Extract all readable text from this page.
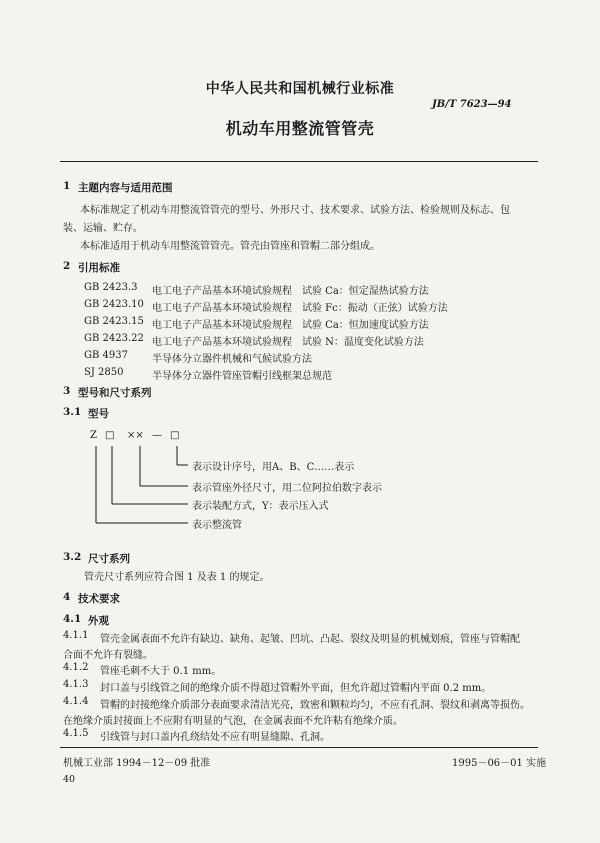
中华人民共和国机械行业标准
JB/T 7623—94
机动车用整流管管壳
1 主题内容与适用范围
本标准规定了机动车用整流管管壳的型号、外形尺寸、技术要求、试验方法、检验规则及标志、包
装、运输、贮存。
本标准适用于机动车用整流管管壳。管壳由管座和管帽二部分组成。
2 引用标准
GB 2423.3 电工电子产品基本环境试验规程　试验 Ca：恒定湿热试验方法
GB 2423.10 电工电子产品基本环境试验规程　试验 Fc：振动（正弦）试验方法
GB 2423.15 电工电子产品基本环境试验规程　试验 Ca：恒加速度试验方法
GB 2423.22 电工电子产品基本环境试验规程　试验 N：温度变化试验方法
GB 4937 半导体分立器件机械和气候试验方法
SJ 2850	半导体分立器件管座管帽引线框架总规范
3 型号和尺寸系列
3.1 型号
Z □ ×× — □
表示设计序号，用A、B、C……表示
表示管座外径尺寸，用二位阿拉伯数字表示
表示装配方式，Y：表示压入式
表示整流管
3.2 尺寸系列
管壳尺寸系列应符合图 1 及表 1 的规定。
4 技术要求
4.1 外观
4.1.1 管壳金属表面不允许有缺边、缺角、起皱、凹坑、凸起、裂纹及明显的机械划痕，管座与管帽配
合面不允许有裂缝。
4.1.2 管座毛刺不大于 0.1 mm。
4.1.3 封口盖与引线管之间的绝缘介质不得超过管帽外平面，但允许超过管帽内平面 0.2 mm。
4.1.4 管帽的封接绝缘介质部分表面要求清洁光亮，致密和颗粒均匀，不应有孔洞、裂纹和剥离等损伤。
在绝缘介质封接面上不应附有明显的气泡，在金属表面不允许粘有绝缘介质。
4.1.5 引线管与封口盖内孔绕结处不应有明显缝隙、孔洞。
机械工业部 1994－12－09 批准	1995－06－01 实施
40
